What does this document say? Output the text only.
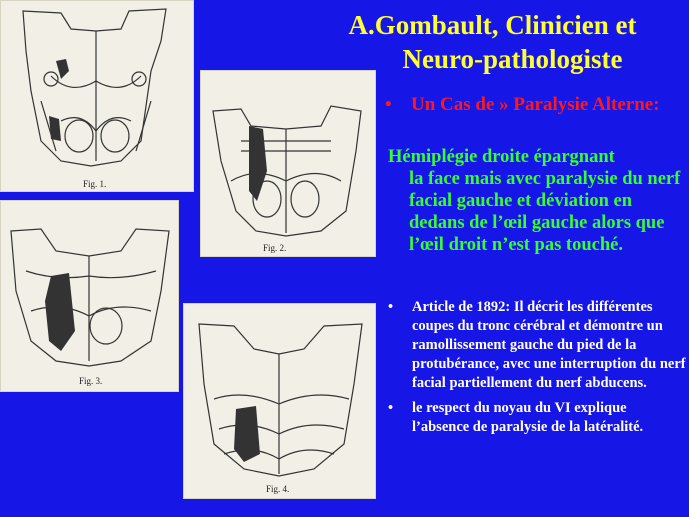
A.Gombault, Clinicien et
Neuro-pathologiste
Fig. 1.
Fig. 2.
Fig. 3.
Fig. 4.
•	Un Cas de » Paralysie Alterne:
Hémiplégie droite épargnant
la face mais avec paralysie du nerf facial gauche et déviation en dedans de l’œil gauche alors que l’œil droit n’est pas touché.
• Article de 1892: Il décrit les différentes coupes du tronc cérébral et démontre un ramollissement gauche du pied de la protubérance, avec une interruption du nerf facial partiellement du nerf abducens.
• le respect du noyau du VI explique l’absence de paralysie de la latéralité.
